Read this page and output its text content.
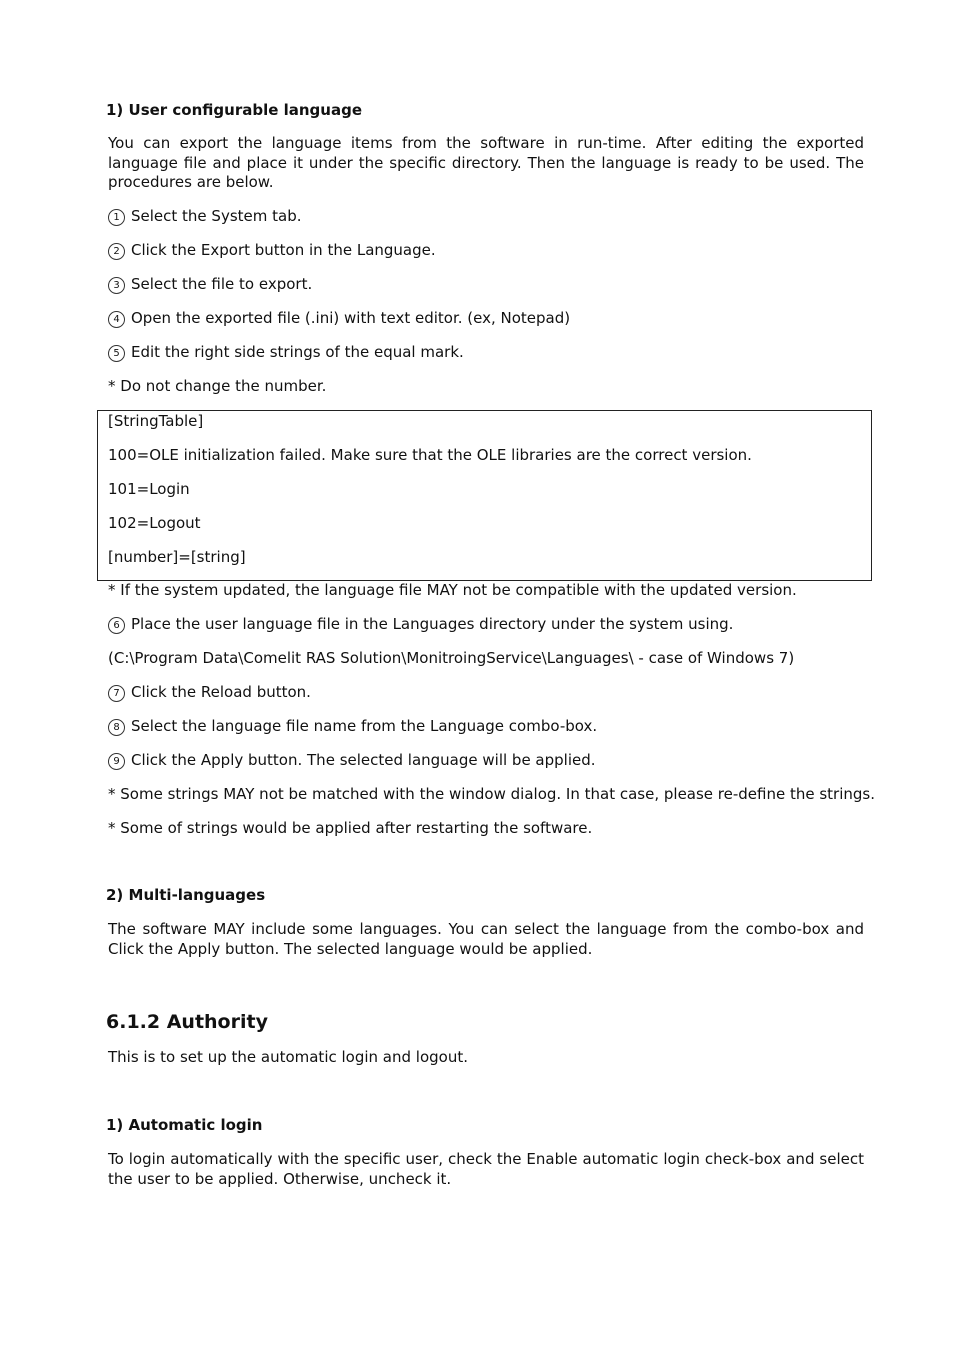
1) User configurable language
You can export the language items from the software in run-time. After editing the exported language file and place it under the specific directory. Then the language is ready to be used. The procedures are below.
1 Select the System tab.
2 Click the Export button in the Language.
3 Select the file to export.
4 Open the exported file (.ini) with text editor. (ex, Notepad)
5 Edit the right side strings of the equal mark.
* Do not change the number.
[StringTable]
100=OLE initialization failed. Make sure that the OLE libraries are the correct version.
101=Login
102=Logout
[number]=[string]
* If the system updated, the language file MAY not be compatible with the updated version.
6 Place the user language file in the Languages directory under the system using.
(C:\Program Data\Comelit RAS Solution\MonitroingService\Languages\ - case of Windows 7)
7 Click the Reload button.
8 Select the language file name from the Language combo-box.
9 Click the Apply button. The selected language will be applied.
* Some strings MAY not be matched with the window dialog. In that case, please re-define the strings.
* Some of strings would be applied after restarting the software.
2) Multi-languages
The software MAY include some languages. You can select the language from the combo-box and Click the Apply button. The selected language would be applied.
6.1.2 Authority
This is to set up the automatic login and logout.
1) Automatic login
To login automatically with the specific user, check the Enable automatic login check-box and select the user to be applied. Otherwise, uncheck it.
